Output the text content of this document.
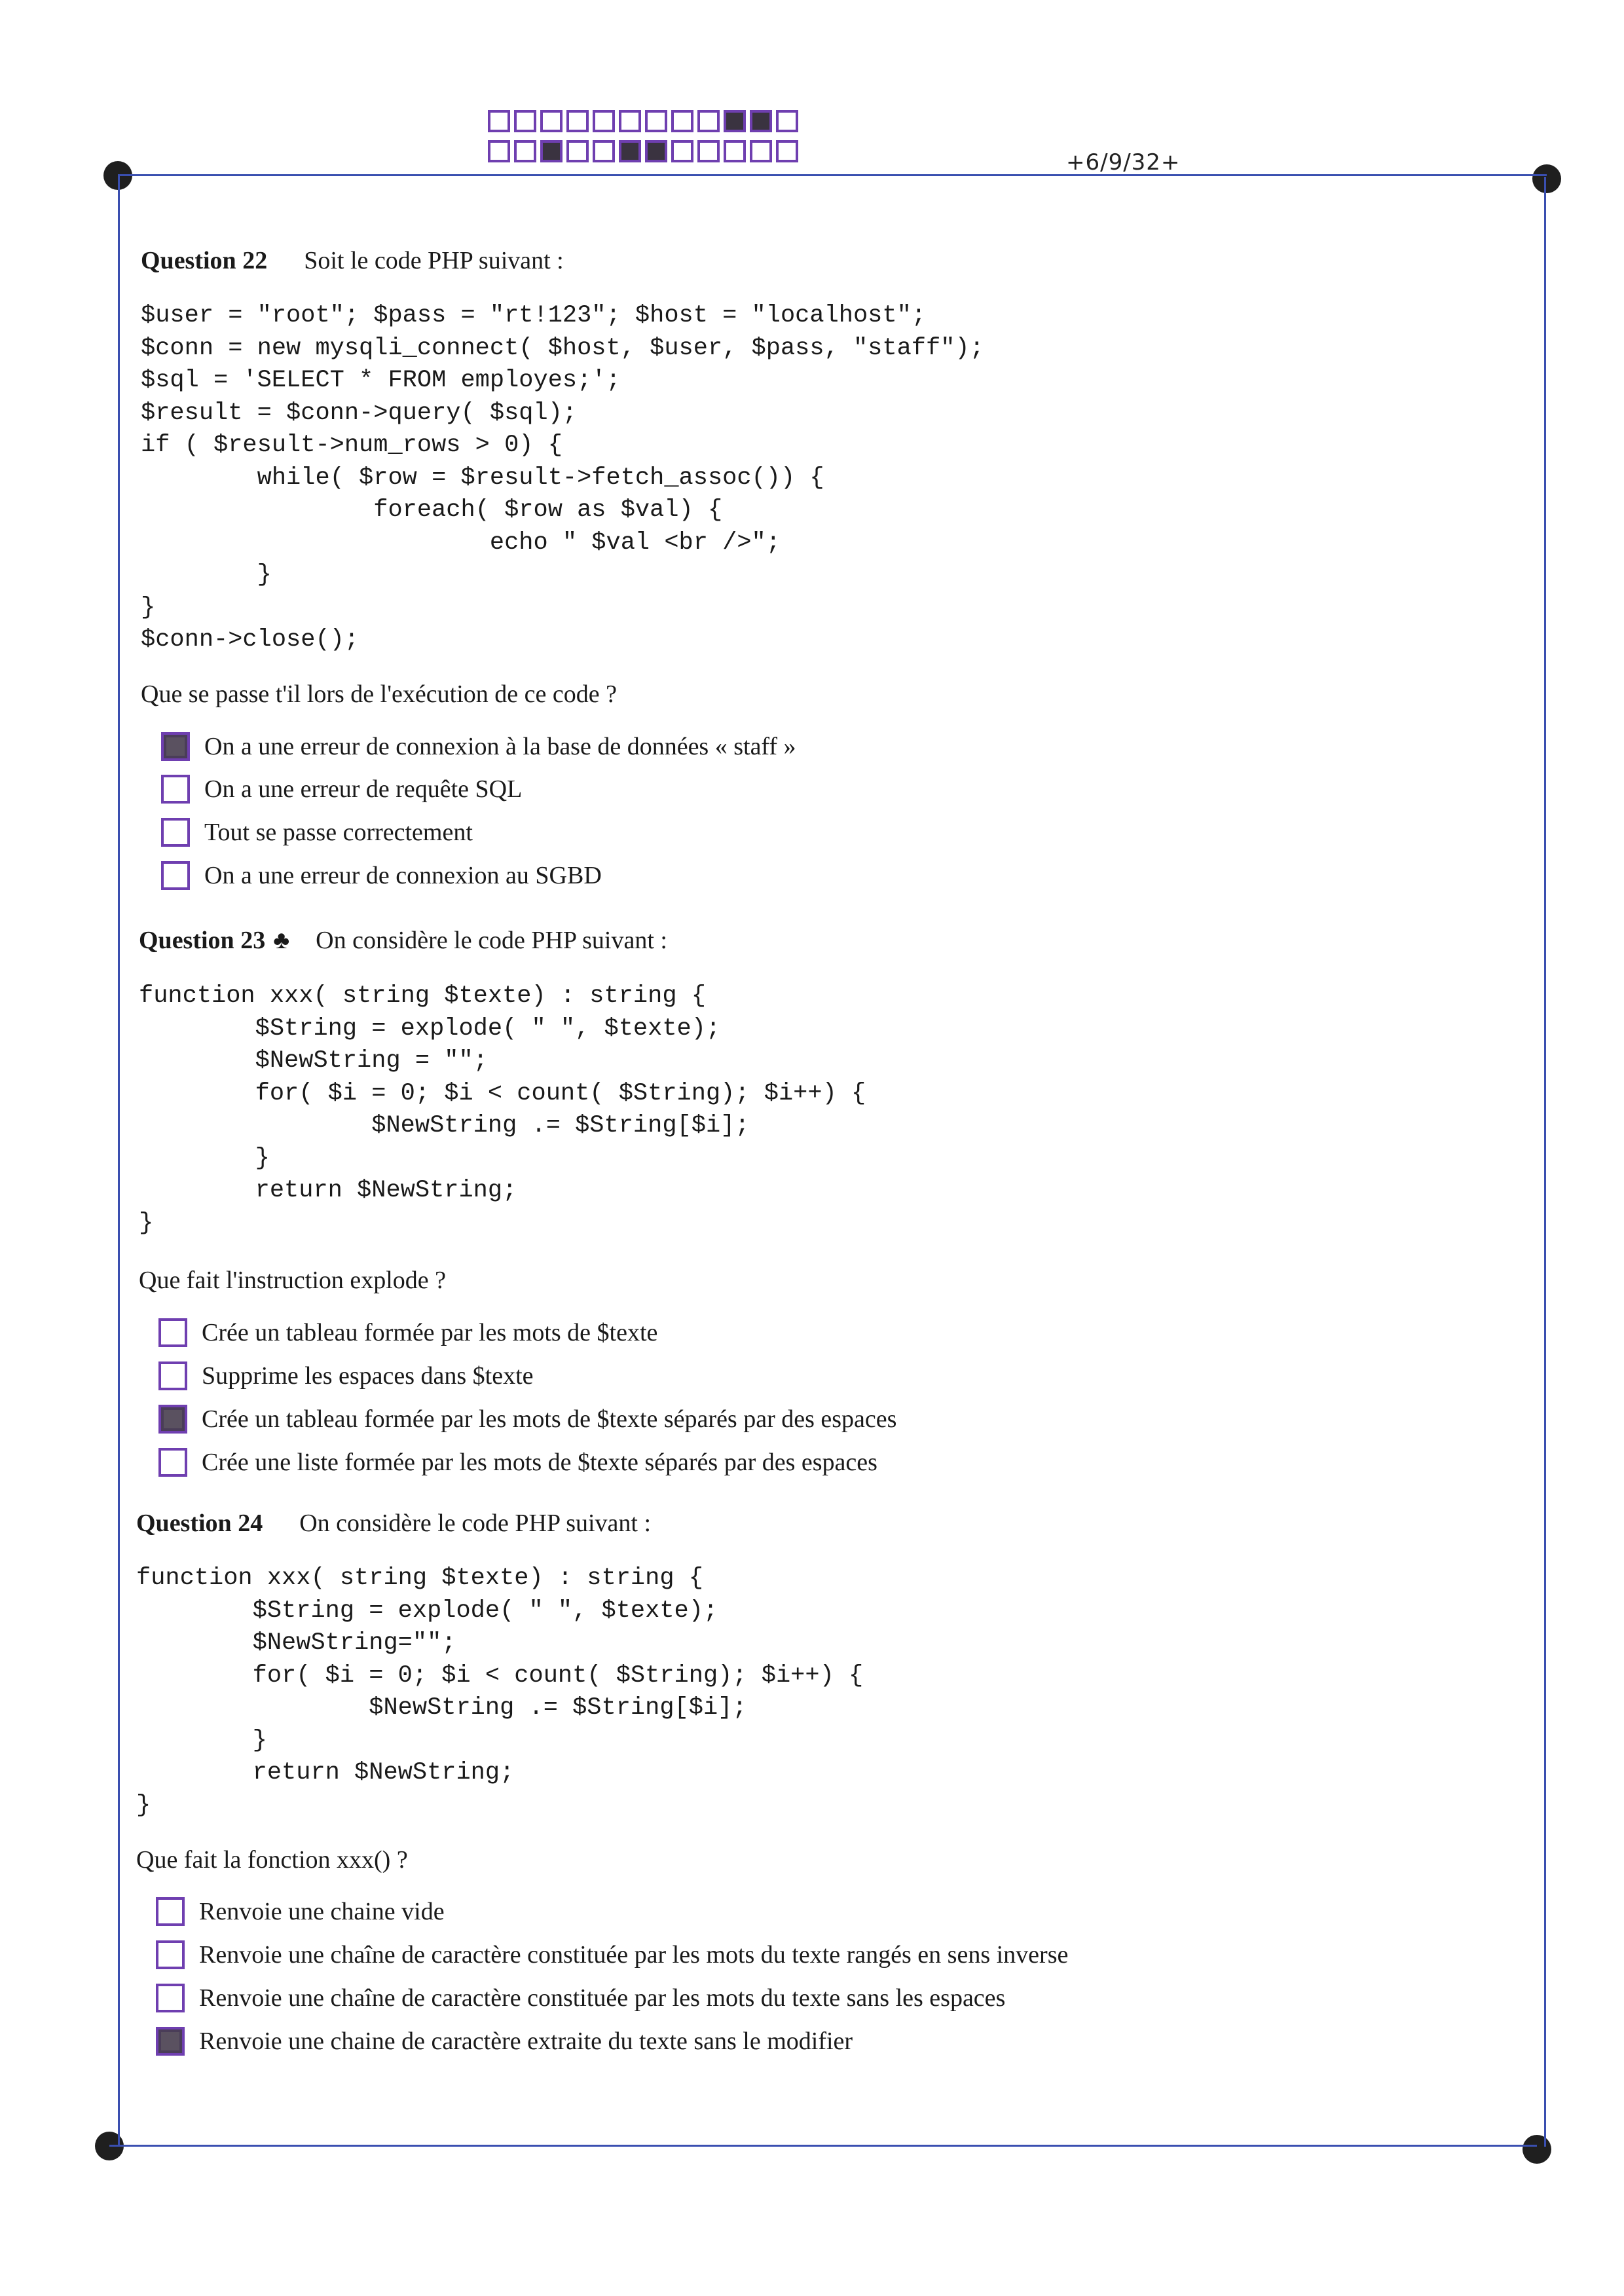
+6/9/32+
Question 22 Soit le code PHP suivant :
$user = "root"; $pass = "rt!123"; $host = "localhost";
$conn = new mysqli_connect( $host, $user, $pass, "staff");
$sql = 'SELECT * FROM employes;';
$result = $conn->query( $sql);
if ( $result->num_rows > 0) {
while( $row = $result->fetch_assoc()) {
foreach( $row as $val) {
echo " $val <br />";
}
}
$conn->close();
Que se passe t'il lors de l'exécution de ce code ?
On a une erreur de connexion à la base de données « staff »
On a une erreur de requête SQL
Tout se passe correctement
On a une erreur de connexion au SGBD
Question 23 ♣ On considère le code PHP suivant :
function xxx( string $texte) : string {
$String = explode( " ", $texte);
$NewString = "";
for( $i = 0; $i < count( $String); $i++) {
$NewString .= $String[$i];
}
return $NewString;
}
Que fait l'instruction explode ?
Crée un tableau formée par les mots de $texte
Supprime les espaces dans $texte
Crée un tableau formée par les mots de $texte séparés par des espaces
Crée une liste formée par les mots de $texte séparés par des espaces
Question 24 On considère le code PHP suivant :
function xxx( string $texte) : string {
$String = explode( " ", $texte);
$NewString="";
for( $i = 0; $i < count( $String); $i++) {
$NewString .= $String[$i];
}
return $NewString;
}
Que fait la fonction xxx() ?
Renvoie une chaine vide
Renvoie une chaîne de caractère constituée par les mots du texte rangés en sens inverse
Renvoie une chaîne de caractère constituée par les mots du texte sans les espaces
Renvoie une chaine de caractère extraite du texte sans le modifier
